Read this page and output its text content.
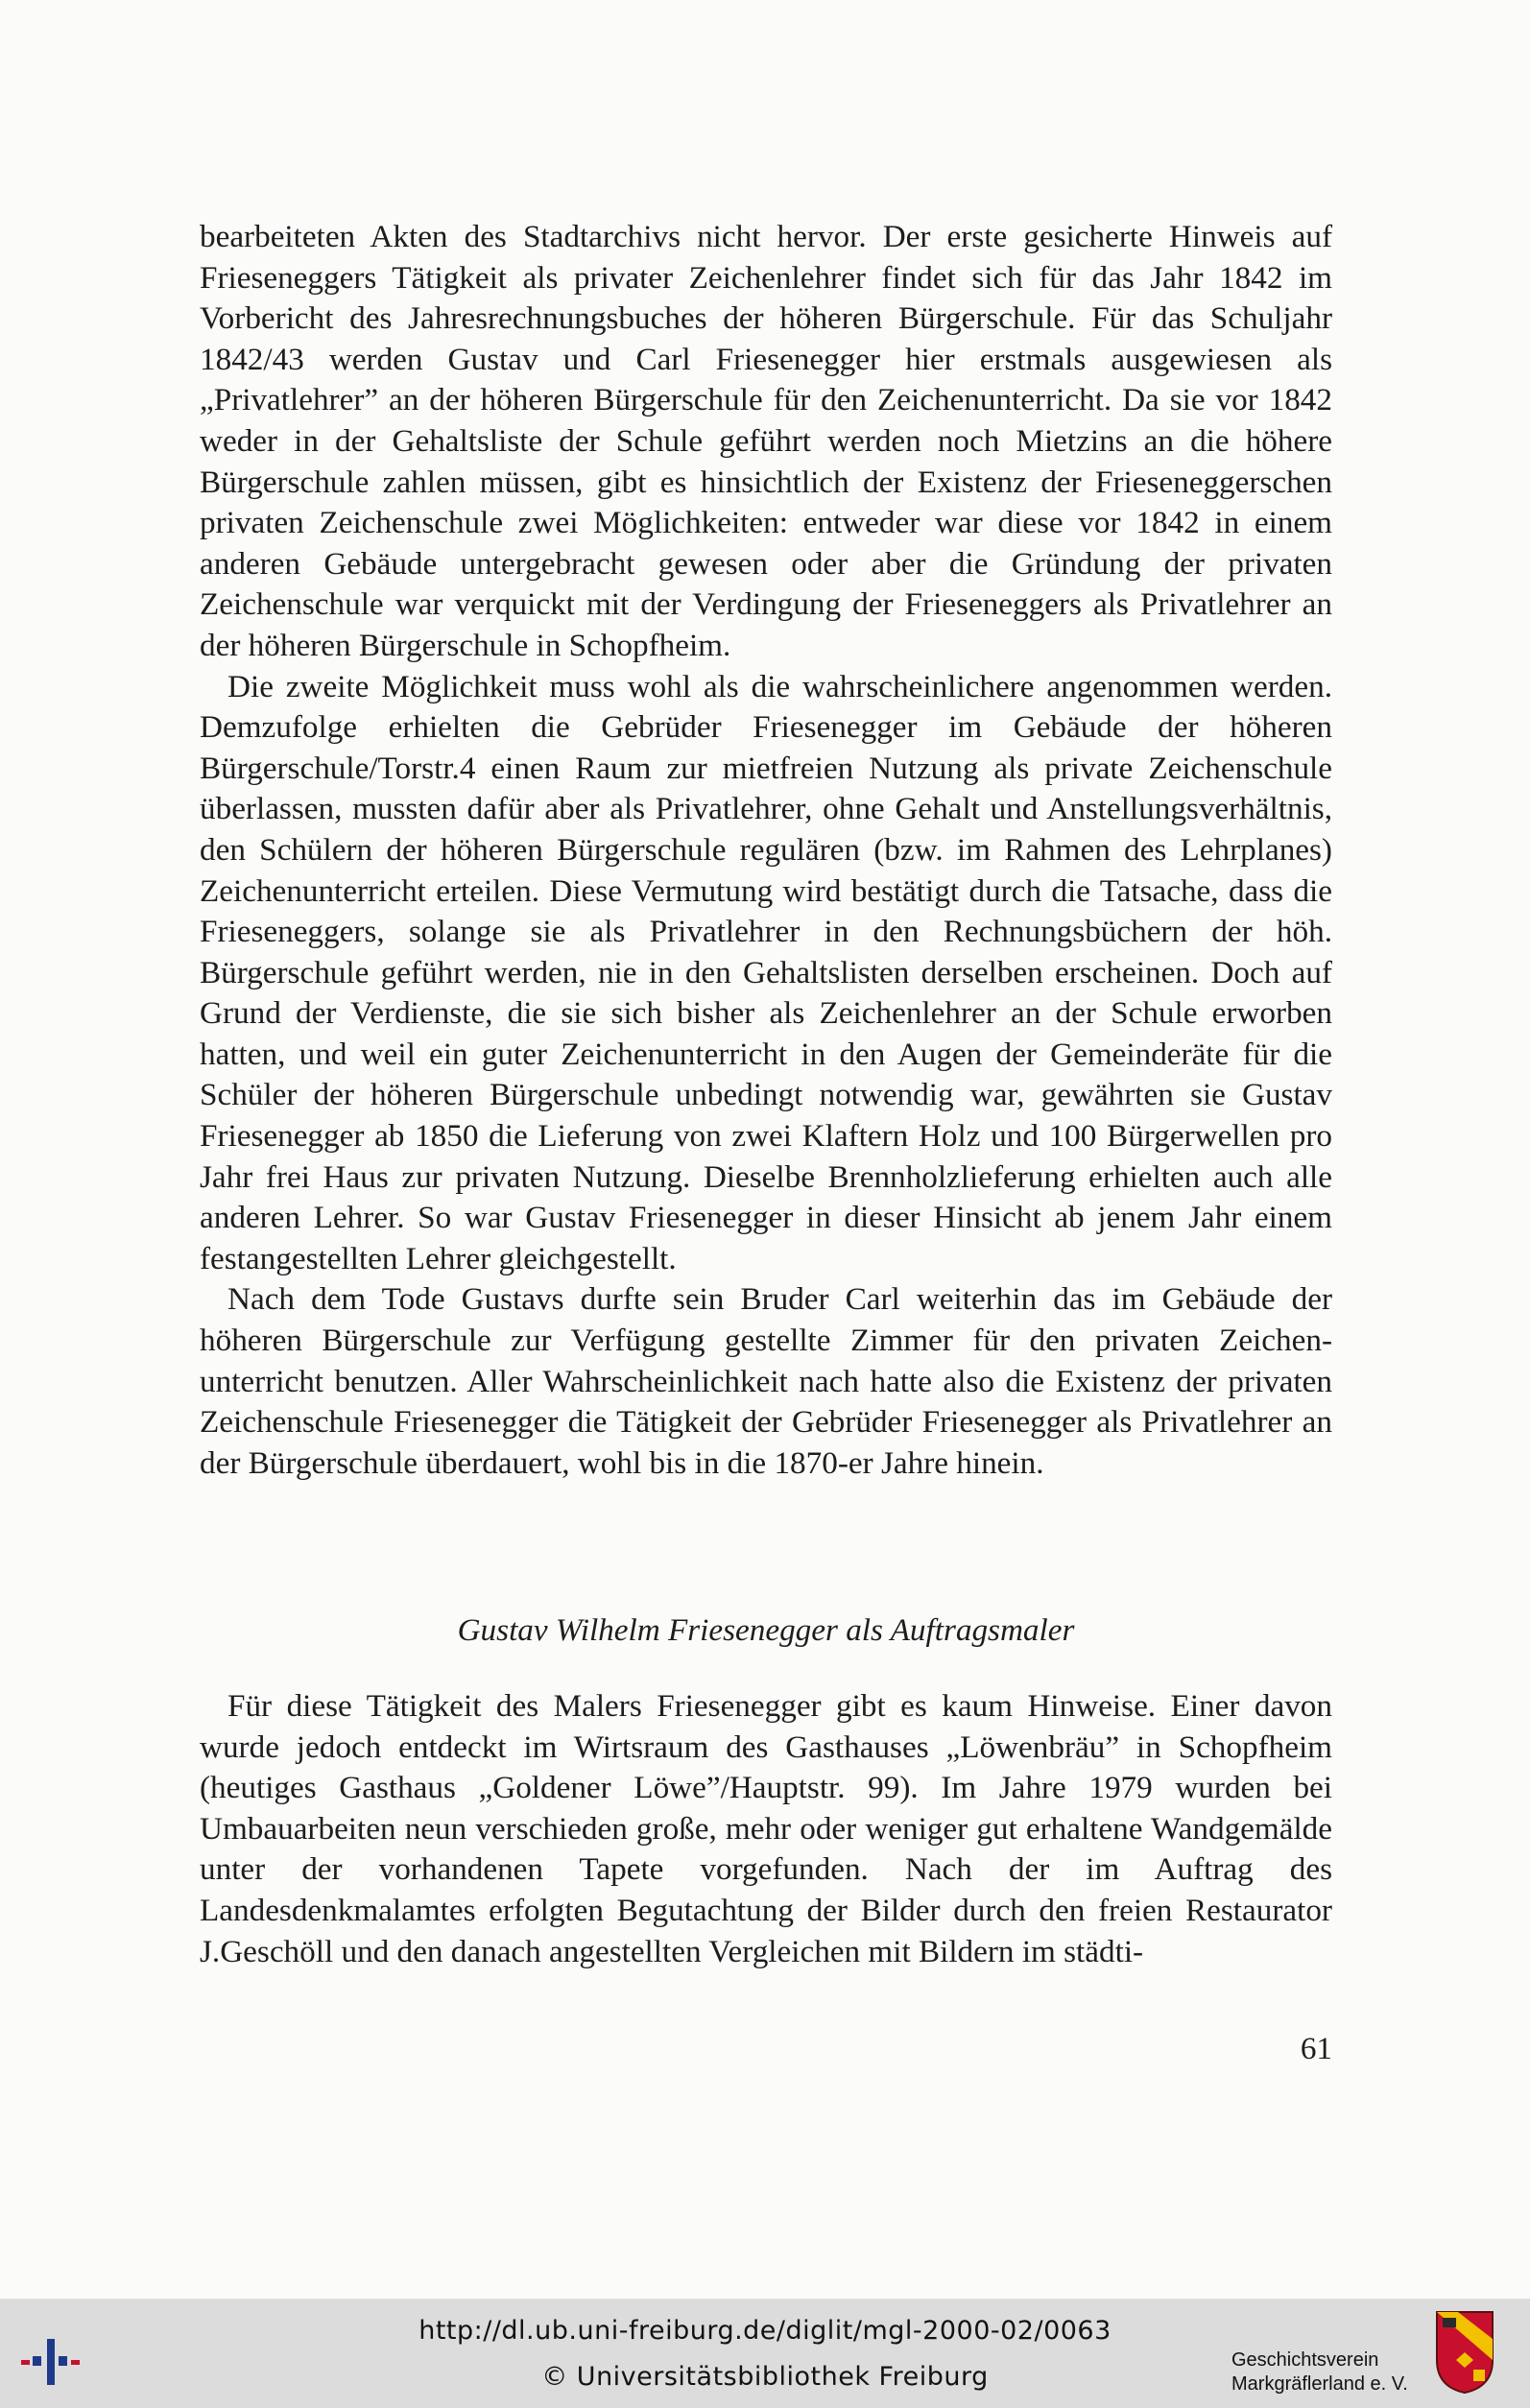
bearbeiteten Akten des Stadtarchivs nicht hervor. Der erste gesicherte Hinweis auf Frieseneggers Tätigkeit als privater Zeichenlehrer findet sich für das Jahr 1842 im Vorbericht des Jahresrechnungsbuches der höheren Bürgerschule. Für das Schuljahr 1842/43 werden Gustav und Carl Friesenegger hier erstmals ausgewiesen als „Privatlehrer” an der höheren Bürgerschule für den Zeichenunterricht. Da sie vor 1842 weder in der Gehaltsliste der Schule geführt werden noch Mietzins an die höhere Bürgerschule zahlen müssen, gibt es hinsichtlich der Existenz der Frieseneggerschen privaten Zeichenschule zwei Möglichkeiten: entweder war diese vor 1842 in einem anderen Gebäude untergebracht gewesen oder aber die Gründung der privaten Zeichenschule war verquickt mit der Verdingung der Frieseneggers als Privatlehrer an der höheren Bürgerschule in Schopfheim.

Die zweite Möglichkeit muss wohl als die wahrscheinlichere angenommen werden. Demzufolge erhielten die Gebrüder Friesenegger im Gebäude der höheren Bürgerschule/Torstr.4 einen Raum zur mietfreien Nutzung als private Zeichenschule überlassen, mussten dafür aber als Privatlehrer, ohne Gehalt und Anstellungsverhältnis, den Schülern der höheren Bürgerschule regulären (bzw. im Rahmen des Lehrplanes) Zeichenunterricht erteilen. Diese Vermutung wird bestätigt durch die Tatsache, dass die Frieseneggers, solange sie als Privatlehrer in den Rechnungsbüchern der höh. Bürgerschule geführt werden, nie in den Gehaltslisten derselben erscheinen. Doch auf Grund der Verdienste, die sie sich bisher als Zeichenlehrer an der Schule erworben hatten, und weil ein guter Zeichenunterricht in den Augen der Gemeinderäte für die Schüler der höheren Bürgerschule unbedingt notwendig war, gewährten sie Gustav Friesenegger ab 1850 die Lieferung von zwei Klaftern Holz und 100 Bürgerwellen pro Jahr frei Haus zur privaten Nutzung. Dieselbe Brennholzlieferung erhielten auch alle anderen Lehrer. So war Gustav Friesenegger in dieser Hinsicht ab jenem Jahr einem festangestellten Lehrer gleichgestellt.

Nach dem Tode Gustavs durfte sein Bruder Carl weiterhin das im Gebäude der höheren Bürgerschule zur Verfügung gestellte Zimmer für den privaten Zeichenunterricht benutzen. Aller Wahrscheinlichkeit nach hatte also die Existenz der privaten Zeichenschule Friesenegger die Tätigkeit der Gebrüder Friesenegger als Privatlehrer an der Bürgerschule überdauert, wohl bis in die 1870-er Jahre hinein.

Gustav Wilhelm Friesenegger als Auftragsmaler

Für diese Tätigkeit des Malers Friesenegger gibt es kaum Hinweise. Einer davon wurde jedoch entdeckt im Wirtsraum des Gasthauses „Löwenbräu” in Schopfheim (heutiges Gasthaus „Goldener Löwe”/Hauptstr. 99). Im Jahre 1979 wurden bei Umbauarbeiten neun verschieden große, mehr oder weniger gut erhaltene Wandgemälde unter der vorhandenen Tapete vorgefunden. Nach der im Auftrag des Landesdenkmalamtes erfolgten Begutachtung der Bilder durch den freien Restaurator J.Geschöll und den danach angestellten Vergleichen mit Bildern im städti-

61
http://dl.ub.uni-freiburg.de/diglit/mgl-2000-02/0063
© Universitätsbibliothek Freiburg
Geschichtsverein
Markgräflerland e. V.
